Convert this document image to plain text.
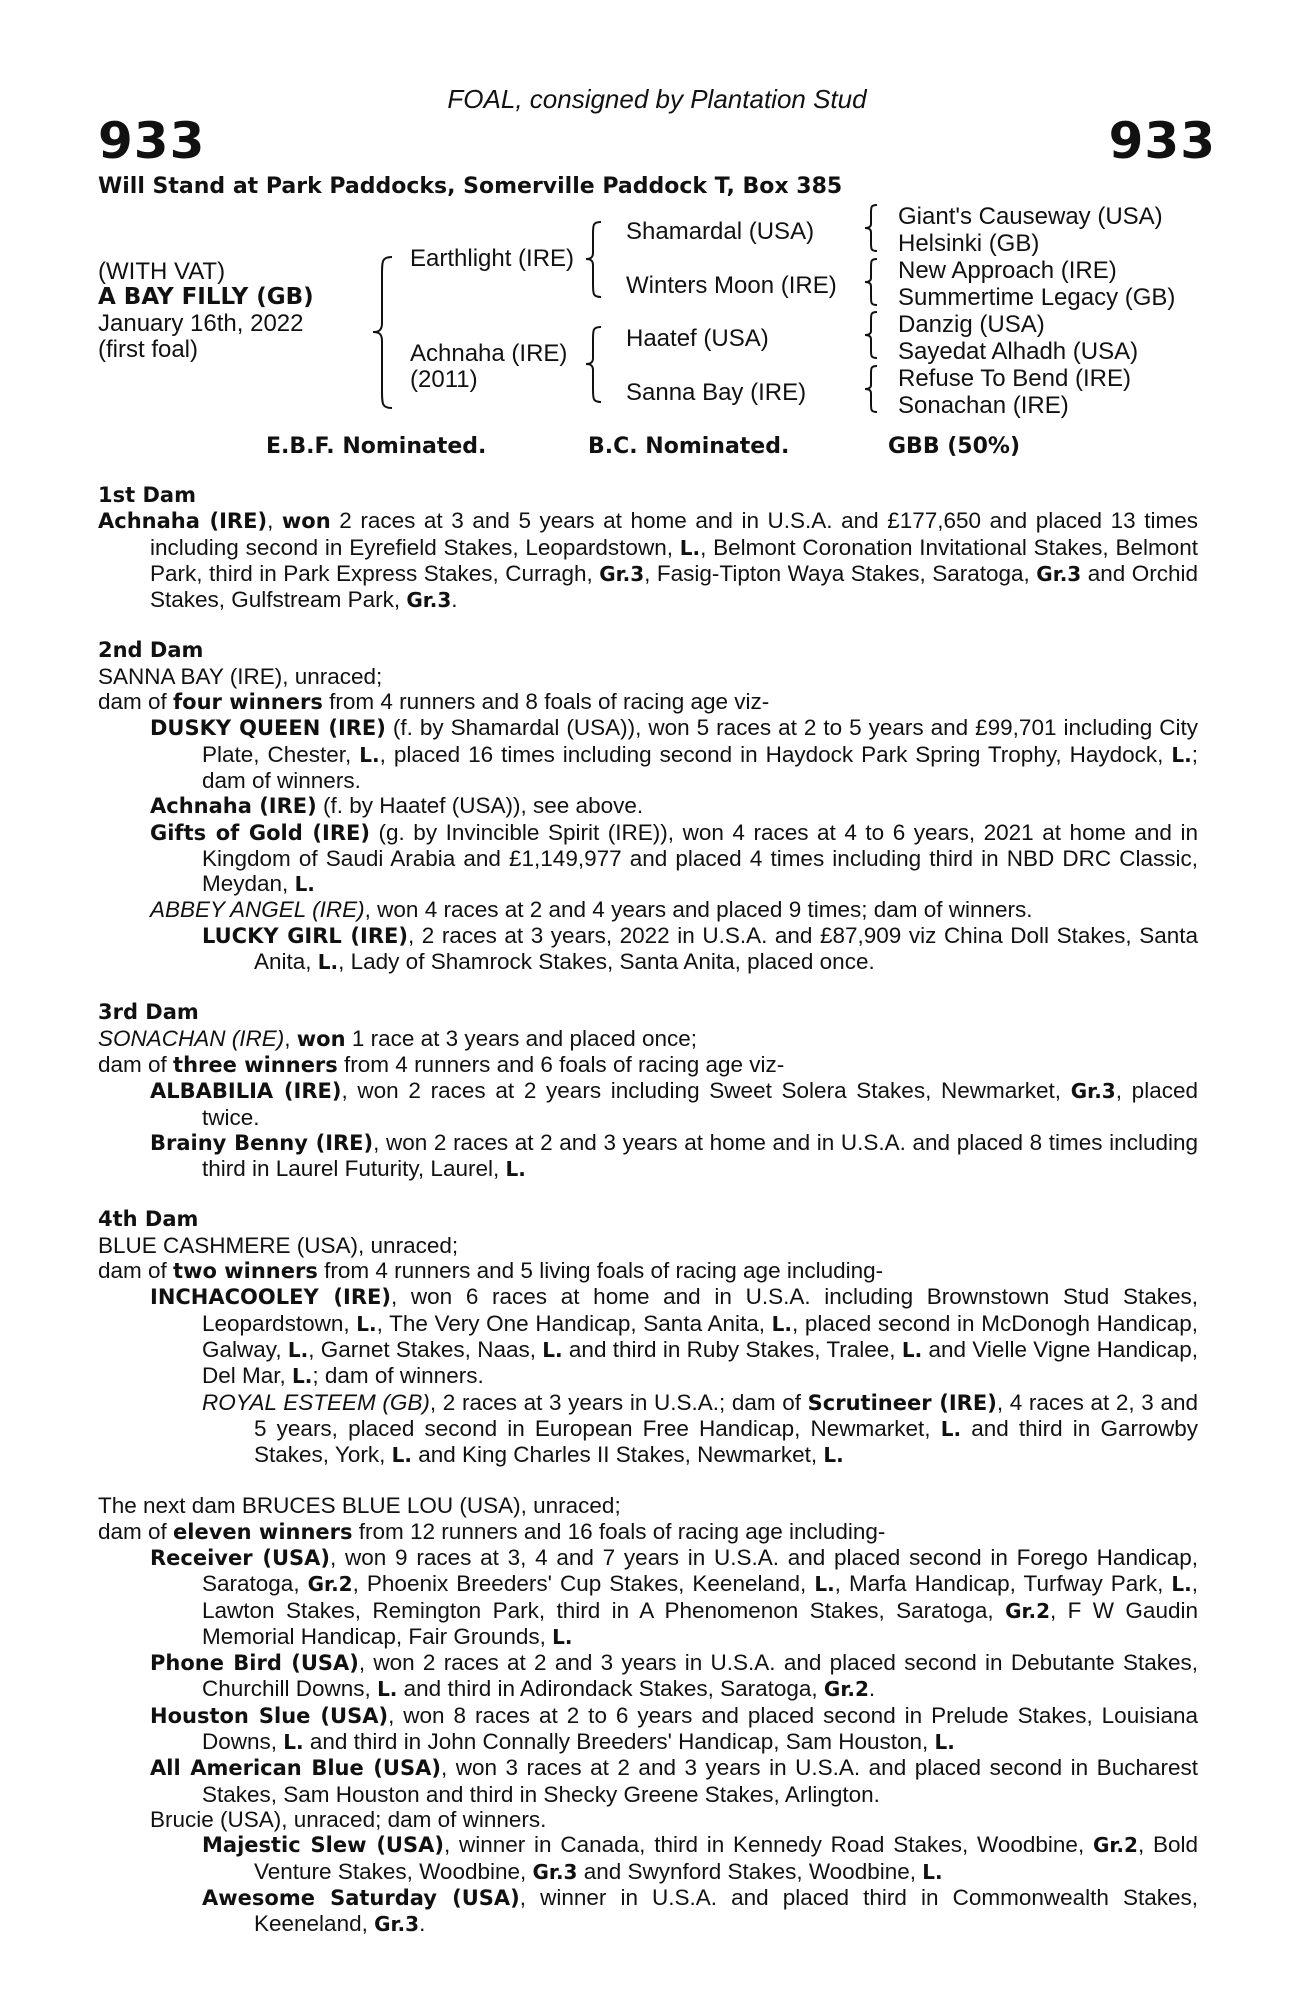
FOAL, consigned by Plantation Stud
933	933
Will Stand at Park Paddocks, Somerville Paddock T, Box 385
(WITH VAT)
A BAY FILLY (GB)
January 16th, 2022
(first foal)
Earthlight (IRE)
Achnaha (IRE)
(2011)
Shamardal (USA)
Winters Moon (IRE)
Haatef (USA)
Sanna Bay (IRE)
Giant's Causeway (USA)
Helsinki (GB)
New Approach (IRE)
Summertime Legacy (GB)
Danzig (USA)
Sayedat Alhadh (USA)
Refuse To Bend (IRE)
Sonachan (IRE)
E.B.F. Nominated.	B.C. Nominated.	GBB (50%)
1st Dam
Achnaha (IRE), won 2 races at 3 and 5 years at home and in U.S.A. and £177,650 and placed 13 times including second in Eyrefield Stakes, Leopardstown, L., Belmont Coronation Invitational Stakes, Belmont Park, third in Park Express Stakes, Curragh, Gr.3, Fasig-Tipton Waya Stakes, Saratoga, Gr.3 and Orchid Stakes, Gulfstream Park, Gr.3.
2nd Dam
SANNA BAY (IRE), unraced;
dam of four winners from 4 runners and 8 foals of racing age viz-
DUSKY QUEEN (IRE) (f. by Shamardal (USA)), won 5 races at 2 to 5 years and £99,701 including City Plate, Chester, L., placed 16 times including second in Haydock Park Spring Trophy, Haydock, L.; dam of winners.
Achnaha (IRE) (f. by Haatef (USA)), see above.
Gifts of Gold (IRE) (g. by Invincible Spirit (IRE)), won 4 races at 4 to 6 years, 2021 at home and in Kingdom of Saudi Arabia and £1,149,977 and placed 4 times including third in NBD DRC Classic, Meydan, L.
ABBEY ANGEL (IRE), won 4 races at 2 and 4 years and placed 9 times; dam of winners.
LUCKY GIRL (IRE), 2 races at 3 years, 2022 in U.S.A. and £87,909 viz China Doll Stakes, Santa Anita, L., Lady of Shamrock Stakes, Santa Anita, placed once.
3rd Dam
SONACHAN (IRE), won 1 race at 3 years and placed once;
dam of three winners from 4 runners and 6 foals of racing age viz-
ALBABILIA (IRE), won 2 races at 2 years including Sweet Solera Stakes, Newmarket, Gr.3, placed twice.
Brainy Benny (IRE), won 2 races at 2 and 3 years at home and in U.S.A. and placed 8 times including third in Laurel Futurity, Laurel, L.
4th Dam
BLUE CASHMERE (USA), unraced;
dam of two winners from 4 runners and 5 living foals of racing age including-
INCHACOOLEY (IRE), won 6 races at home and in U.S.A. including Brownstown Stud Stakes, Leopardstown, L., The Very One Handicap, Santa Anita, L., placed second in McDonogh Handicap, Galway, L., Garnet Stakes, Naas, L. and third in Ruby Stakes, Tralee, L. and Vielle Vigne Handicap, Del Mar, L.; dam of winners.
ROYAL ESTEEM (GB), 2 races at 3 years in U.S.A.; dam of Scrutineer (IRE), 4 races at 2, 3 and 5 years, placed second in European Free Handicap, Newmarket, L. and third in Garrowby Stakes, York, L. and King Charles II Stakes, Newmarket, L.
The next dam BRUCES BLUE LOU (USA), unraced;
dam of eleven winners from 12 runners and 16 foals of racing age including-
Receiver (USA), won 9 races at 3, 4 and 7 years in U.S.A. and placed second in Forego Handicap, Saratoga, Gr.2, Phoenix Breeders' Cup Stakes, Keeneland, L., Marfa Handicap, Turfway Park, L., Lawton Stakes, Remington Park, third in A Phenomenon Stakes, Saratoga, Gr.2, F W Gaudin Memorial Handicap, Fair Grounds, L.
Phone Bird (USA), won 2 races at 2 and 3 years in U.S.A. and placed second in Debutante Stakes, Churchill Downs, L. and third in Adirondack Stakes, Saratoga, Gr.2.
Houston Slue (USA), won 8 races at 2 to 6 years and placed second in Prelude Stakes, Louisiana Downs, L. and third in John Connally Breeders' Handicap, Sam Houston, L.
All American Blue (USA), won 3 races at 2 and 3 years in U.S.A. and placed second in Bucharest Stakes, Sam Houston and third in Shecky Greene Stakes, Arlington.
Brucie (USA), unraced; dam of winners.
Majestic Slew (USA), winner in Canada, third in Kennedy Road Stakes, Woodbine, Gr.2, Bold Venture Stakes, Woodbine, Gr.3 and Swynford Stakes, Woodbine, L.
Awesome Saturday (USA), winner in U.S.A. and placed third in Commonwealth Stakes, Keeneland, Gr.3.
